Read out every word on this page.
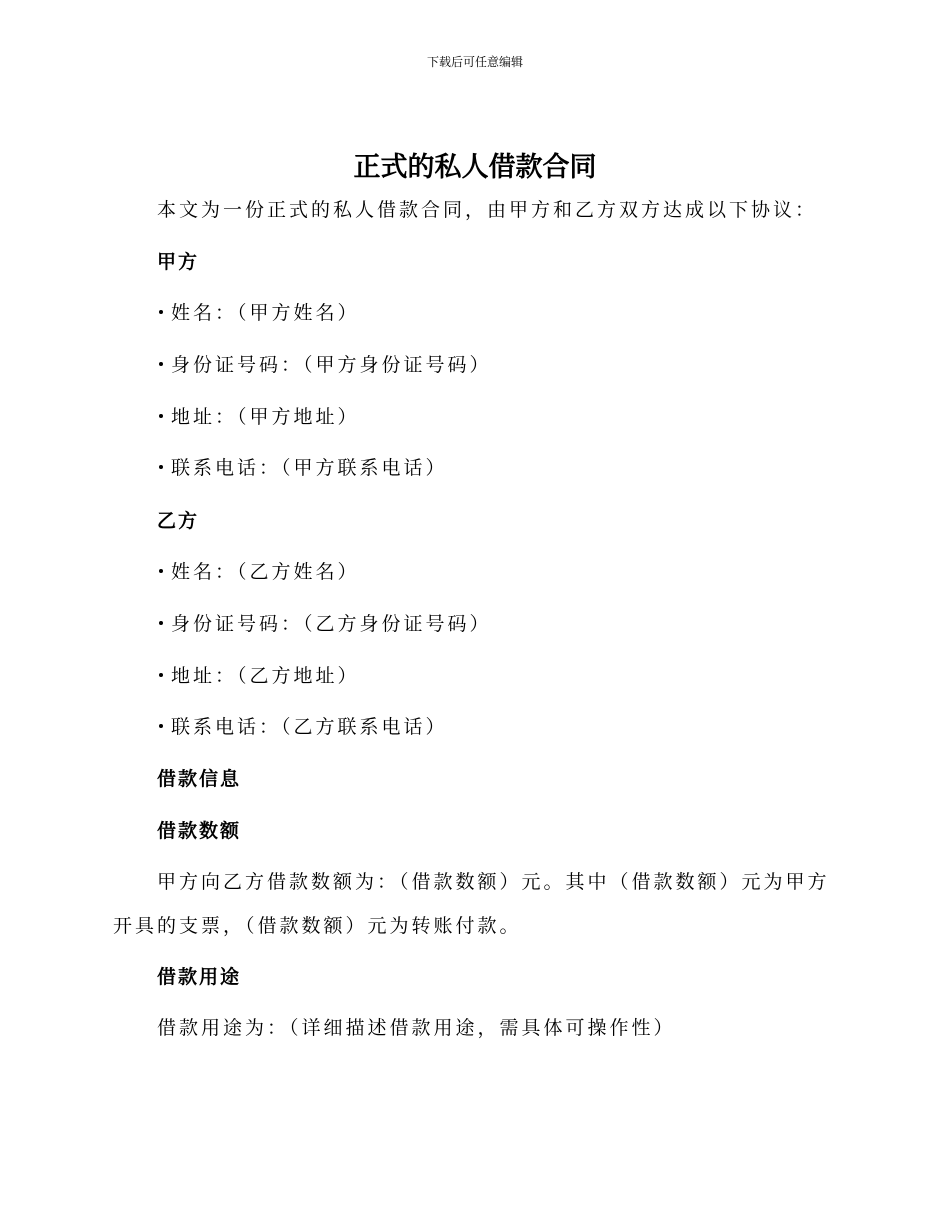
下载后可任意编辑
正式的私人借款合同
本文为一份正式的私人借款合同，由甲方和乙方双方达成以下协议：
甲方
姓名：（甲方姓名）
身份证号码：（甲方身份证号码）
地址：（甲方地址）
联系电话：（甲方联系电话）
乙方
姓名：（乙方姓名）
身份证号码：（乙方身份证号码）
地址：（乙方地址）
联系电话：（乙方联系电话）
借款信息
借款数额
甲方向乙方借款数额为：（借款数额）元。其中（借款数额）元为甲方开具的支票，（借款数额）元为转账付款。
借款用途
借款用途为：（详细描述借款用途，需具体可操作性）
